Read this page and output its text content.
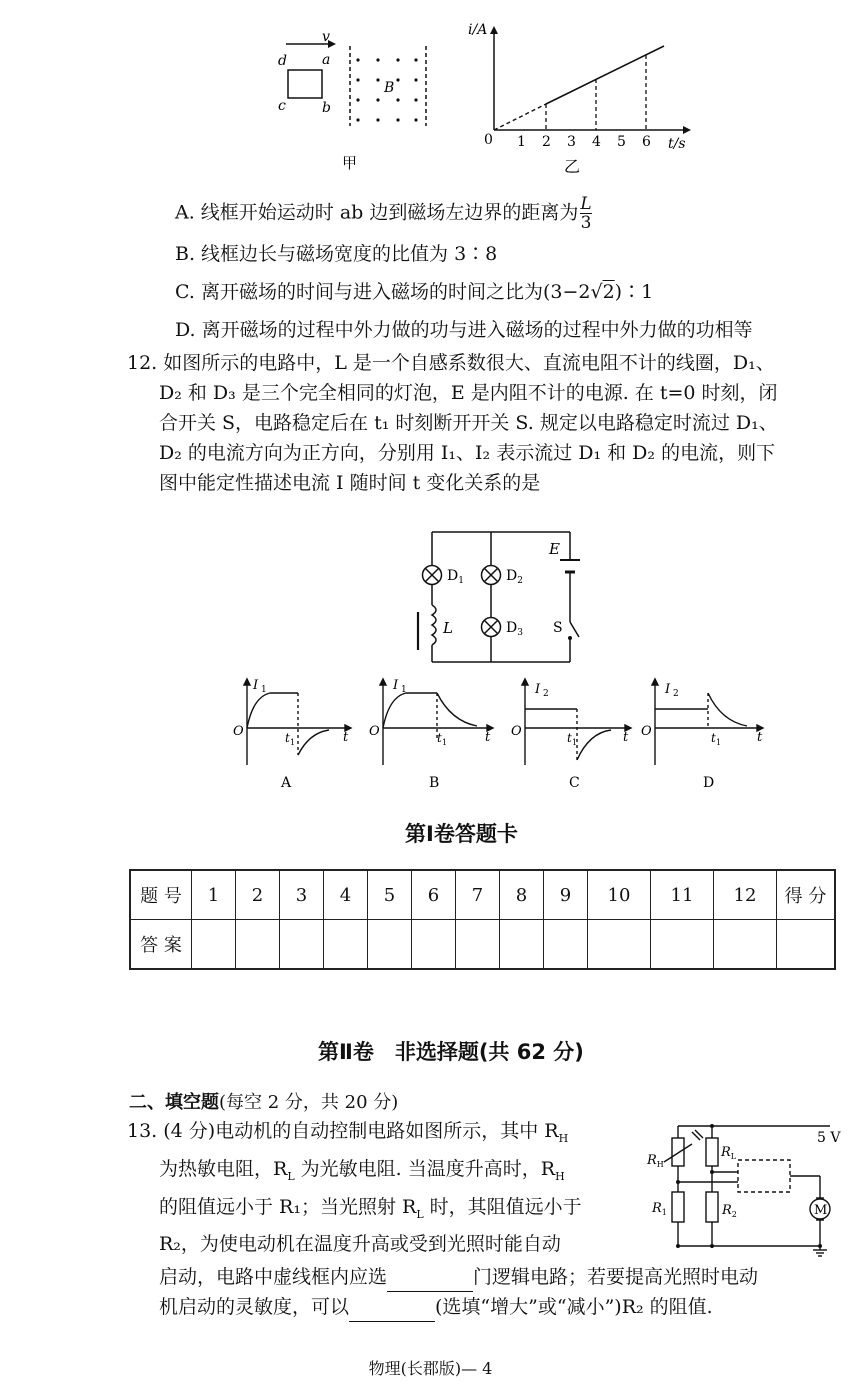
v
d	a
c	b
B
甲
i/A
t/s
0 1 2 3 4 5 6
乙
A. 线框开始运动时 ab 边到磁场左边界的距离为 $\frac{L}{3}$
B. 线框边长与磁场宽度的比值为 3∶8
C. 离开磁场的时间与进入磁场的时间之比为(3−2√2)∶1
D. 离开磁场的过程中外力做的功与进入磁场的过程中外力做的功相等

12. 如图所示的电路中，L 是一个自感系数很大、直流电阻不计的线圈，D₁、

D₂ 和 D₃ 是三个完全相同的灯泡，E 是内阻不计的电源. 在 t=0 时刻，闭

合开关 S，电路稳定后在 t₁ 时刻断开开关 S. 规定以电路稳定时流过 D₁、

D₂ 的电流方向为正方向，分别用 I₁、I₂ 表示流过 D₁ 和 D₂ 的电流，则下

图中能定性描述电流 I 随时间 t 变化关系的是

E
$D_1$	$D_2$
$D_3$
L	S
I 1
O	t
t 1
A
I 1
O	t
t 1
B
I 2
O	t
t 1
C
I 2
O	t
t 1
D
第Ⅰ卷答题卡
题 号	1	2	3	4	5	6	7	8	9	10	11	12	得 分
答 案													
第Ⅱ卷　非选择题(共 62 分)
二、填空题(每空 2 分，共 20 分)

13. (4 分)电动机的自动控制电路如图所示，其中 $R_H$

为热敏电阻，$R_L$ 为光敏电阻. 当温度升高时，$R_H$

的阻值远小于 R₁；当光照射 $R_L$ 时，其阻值远小于

R₂，为使电动机在温度升高或受到光照时能自动

启动，电路中虚线框内应选	门逻辑电路；若要提高光照时电动

机启动的灵敏度，可以	(选填“增大”或“减小”)R₂ 的阻值.

5 V
$R_H$
$R_L$
$R_1$	$R_2$	M
物理(长郡版)— 4
